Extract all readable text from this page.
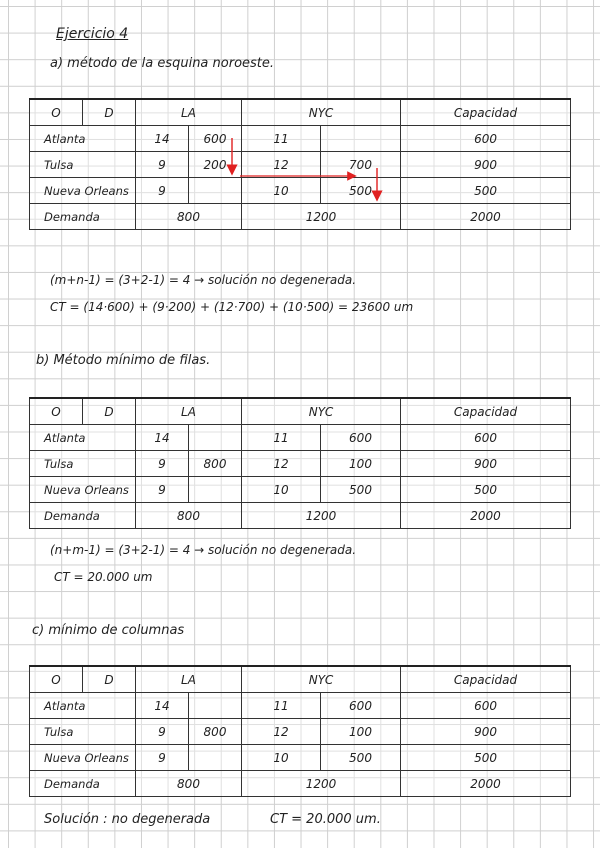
Ejercicio 4
a) método de la esquina noroeste.
O	D	LA		NYC		Capacidad
Atlanta		14	600	11		600
Tulsa		9	200	12	700	900
Nueva Orleans		9		10	500	500
Demanda		800		1200		2000
(m+n-1) = (3+2-1) = 4 → solución no degenerada.
CT = (14·600) + (9·200) + (12·700) + (10·500) = 23600 um
b) Método mínimo de filas.
O	D	LA		NYC		Capacidad
Atlanta		14		11	600	600
Tulsa		9	800	12	100	900
Nueva Orleans		9		10	500	500
Demanda		800		1200		2000
(n+m-1) = (3+2-1) = 4 → solución no degenerada.
CT = 20.000 um
c) mínimo de columnas
O	D	LA		NYC		Capacidad
Atlanta		14		11	600	600
Tulsa		9	800	12	100	900
Nueva Orleans		9		10	500	500
Demanda		800		1200		2000
Solución : no degenerada	CT = 20.000 um.
